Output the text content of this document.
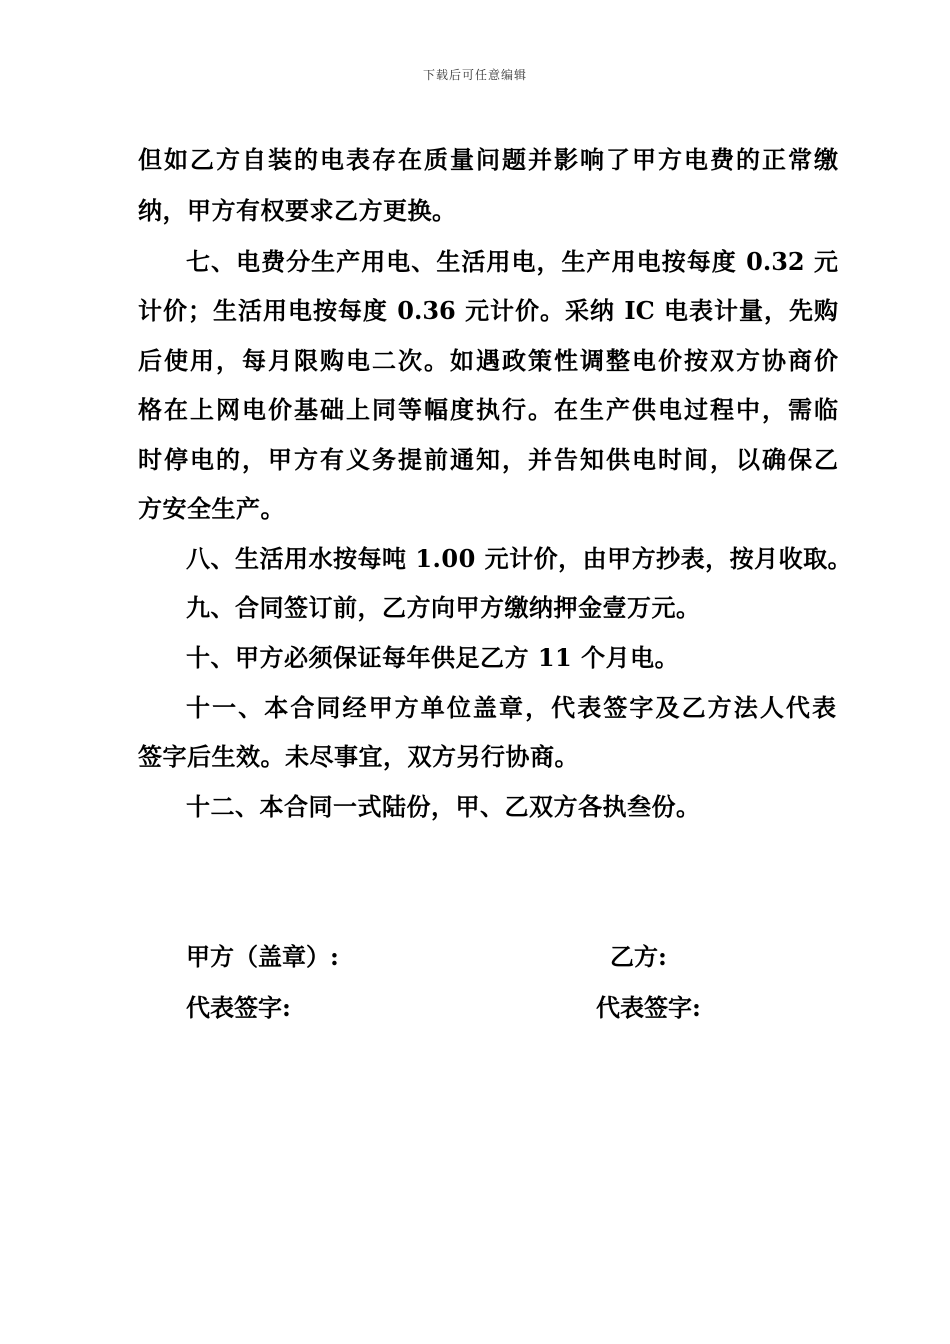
下载后可任意编辑
但如乙方自装的电表存在质量问题并影响了甲方电费的正常缴
纳，甲方有权要求乙方更换。
七、电费分生产用电、生活用电，生产用电按每度 0.32 元
计价；生活用电按每度 0.36 元计价。采纳 IC 电表计量，先购
后使用，每月限购电二次。如遇政策性调整电价按双方协商价
格在上网电价基础上同等幅度执行。在生产供电过程中，需临
时停电的，甲方有义务提前通知，并告知供电时间，以确保乙
方安全生产。
八、生活用水按每吨 1.00 元计价，由甲方抄表，按月收取。
九、合同签订前，乙方向甲方缴纳押金壹万元。
十、甲方必须保证每年供足乙方 11 个月电。
十一、本合同经甲方单位盖章，代表签字及乙方法人代表
签字后生效。未尽事宜，双方另行协商。
十二、本合同一式陆份，甲、乙双方各执叁份。
甲方（盖章）:	乙方:
代表签字:	代表签字:
